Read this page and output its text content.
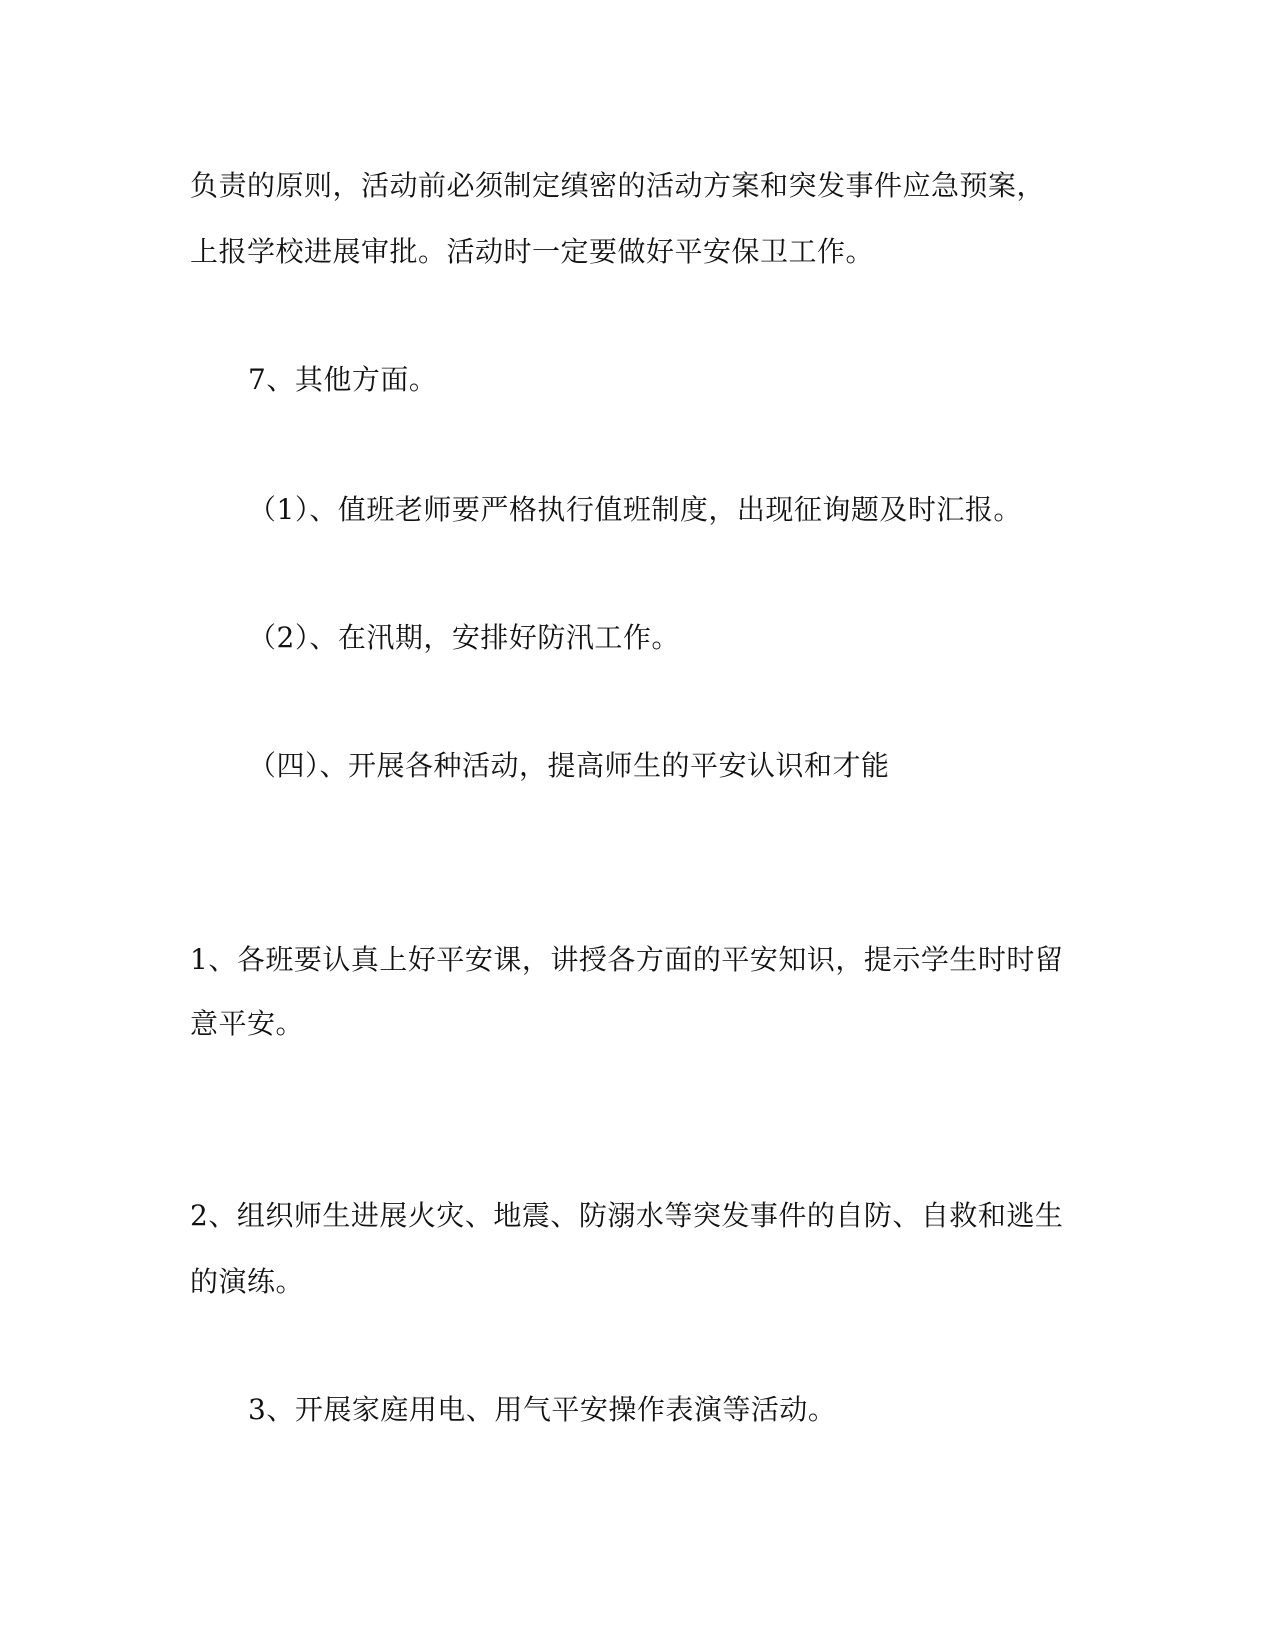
负责的原则，活动前必须制定缜密的活动方案和突发事件应急预案，
上报学校进展审批。活动时一定要做好平安保卫工作。
7、其他方面。
（1）、值班老师要严格执行值班制度，出现征询题及时汇报。
（2）、在汛期，安排好防汛工作。
（四）、开展各种活动，提高师生的平安认识和才能
1、各班要认真上好平安课，讲授各方面的平安知识，提示学生时时留
意平安。
2、组织师生进展火灾、地震、防溺水等突发事件的自防、自救和逃生
的演练。
3、开展家庭用电、用气平安操作表演等活动。
